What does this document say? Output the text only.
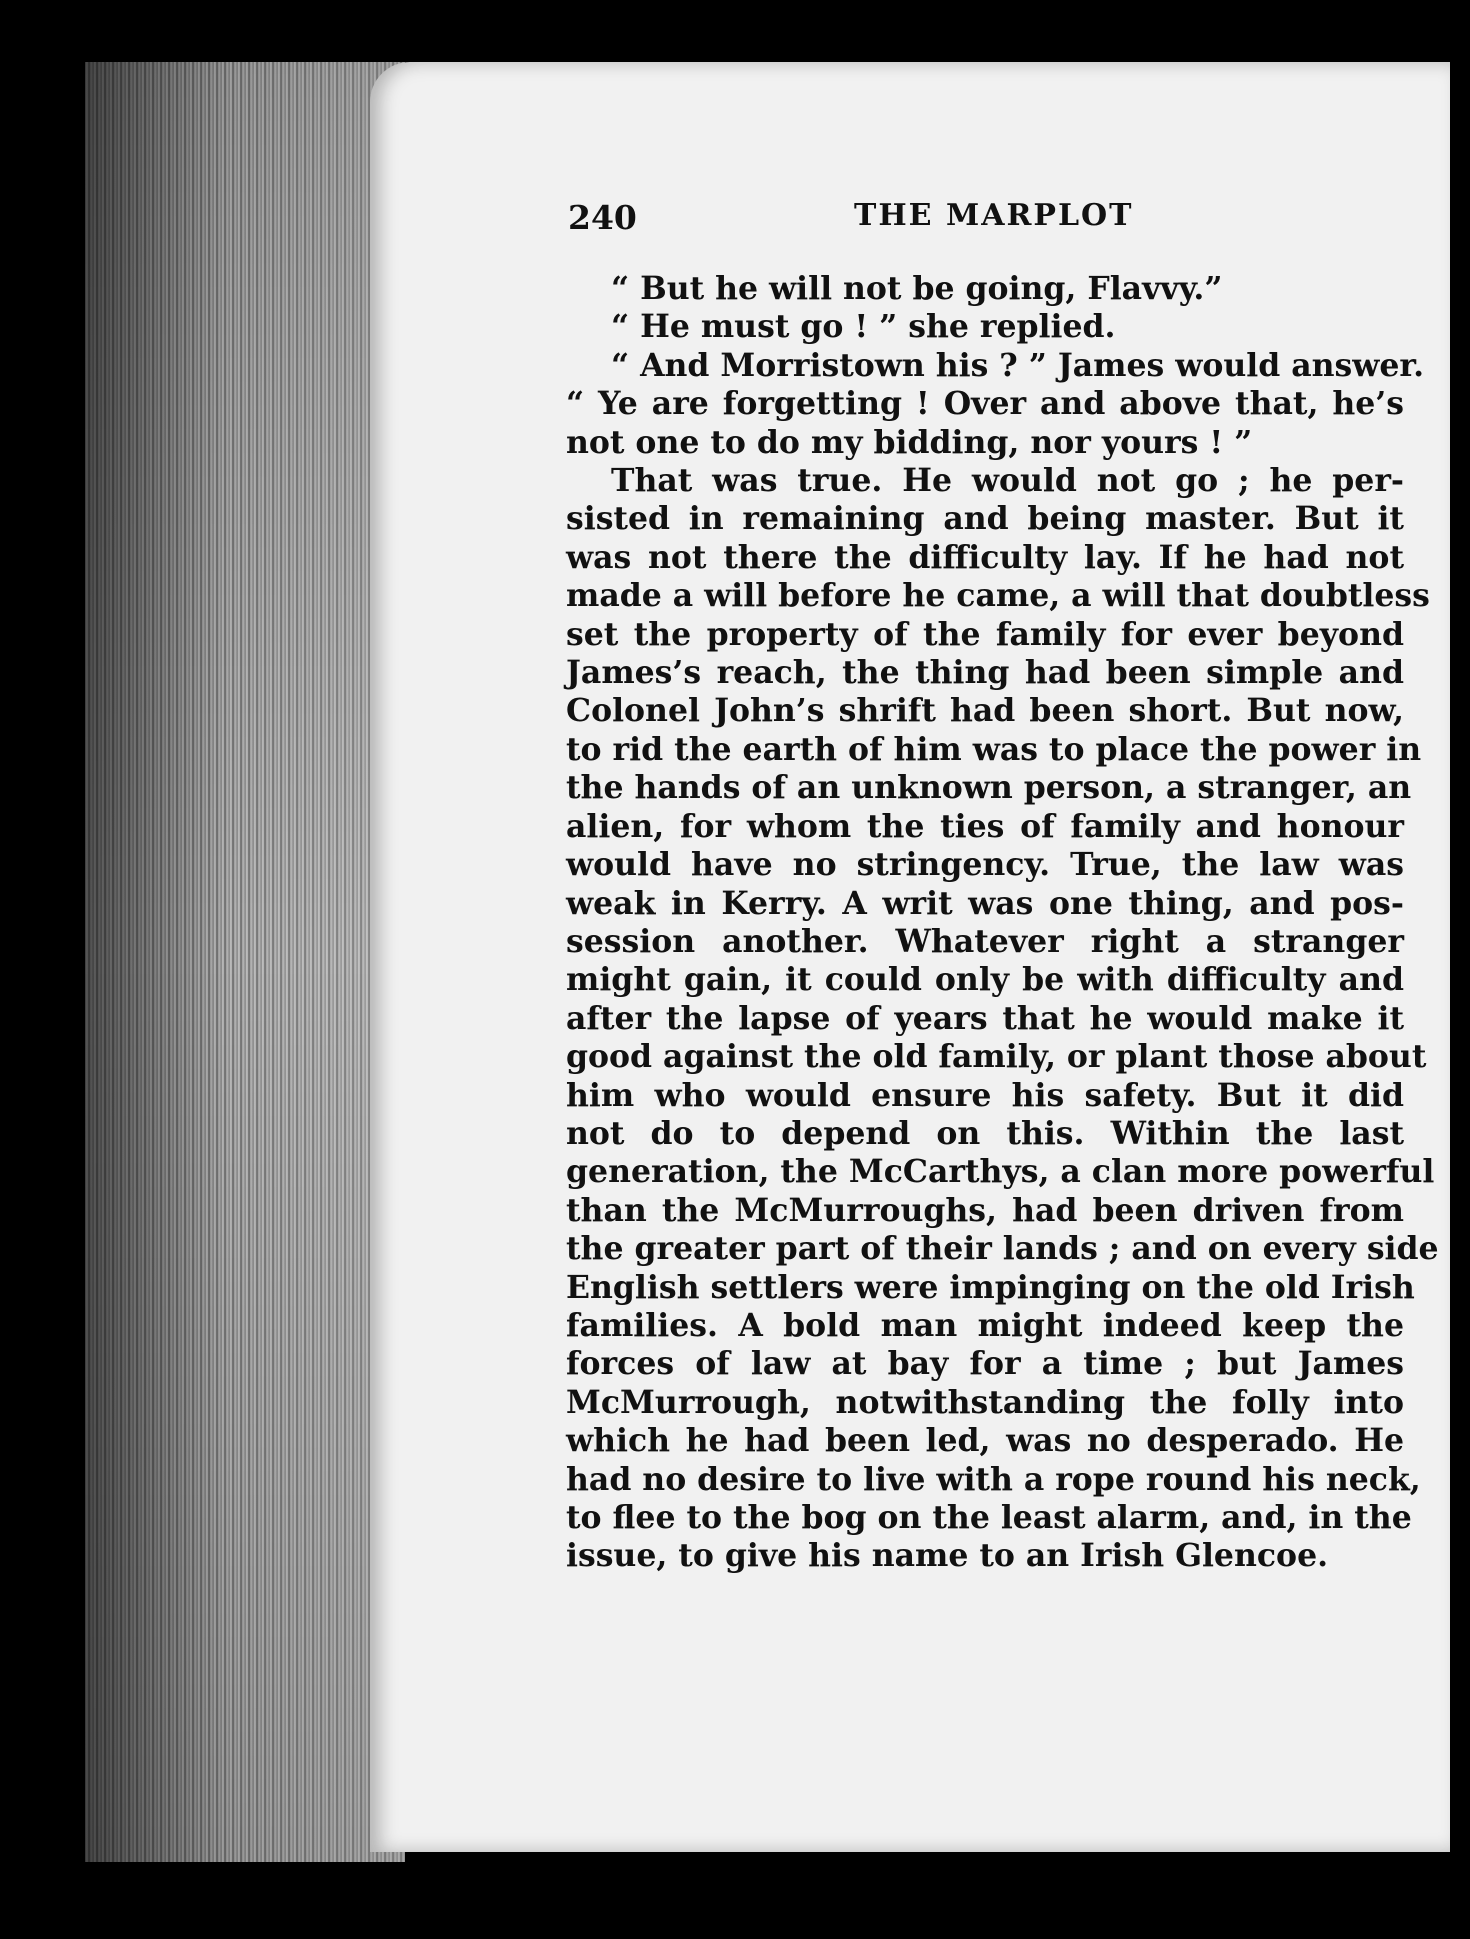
240	THE MARPLOT
“ But he will not be going, Flavvy.”
“ He must go ! ” she replied.
“ And Morristown his ? ” James would answer.
“ Ye are forgetting ! Over and above that, he’s
not one to do my bidding, nor yours ! ”
That was true. He would not go ; he per-
sisted in remaining and being master. But it
was not there the difficulty lay. If he had not
made a will before he came, a will that doubtless
set the property of the family for ever beyond
James’s reach, the thing had been simple and
Colonel John’s shrift had been short. But now,
to rid the earth of him was to place the power in
the hands of an unknown person, a stranger, an
alien, for whom the ties of family and honour
would have no stringency. True, the law was
weak in Kerry. A writ was one thing, and pos-
session another. Whatever right a stranger
might gain, it could only be with difficulty and
after the lapse of years that he would make it
good against the old family, or plant those about
him who would ensure his safety. But it did
not do to depend on this. Within the last
generation, the McCarthys, a clan more powerful
than the McMurroughs, had been driven from
the greater part of their lands ; and on every side
English settlers were impinging on the old Irish
families. A bold man might indeed keep the
forces of law at bay for a time ; but James
McMurrough, notwithstanding the folly into
which he had been led, was no desperado. He
had no desire to live with a rope round his neck,
to flee to the bog on the least alarm, and, in the
issue, to give his name to an Irish Glencoe.
